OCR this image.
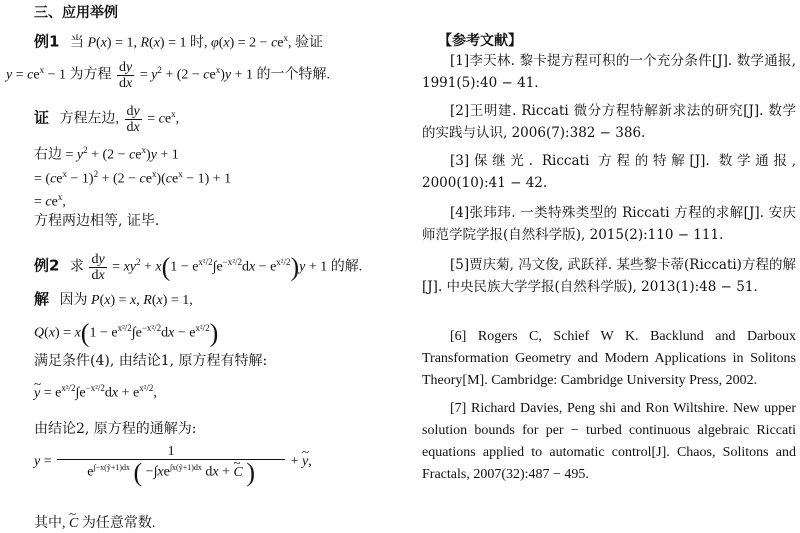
三、应用举例
例1   当 P(x) = 1, R(x) = 1 时, $\varphi(x) = 2 - ce^x$, 验证
$y = ce^x - 1$ 为方程 $\frac{dy}{dx} = y^2 + (2 - ce^x)y + 1$ 的一个特解.
证   方程左边, $\frac{dy}{dx} = ce^x$,
右边 = $y^2 + (2 - ce^x)y + 1$
= $(ce^x - 1)^2 + (2 - ce^x)(ce^x - 1) + 1$
= $ce^x$,
方程两边相等, 证毕.
例2   求 $\frac{dy}{dx} = xy^2 + x(1 - e^{x^2/2}\int e^{-x^2/2}dx - e^{x^2/2})y + 1$ 的解.
解   因为 P(x) = x, R(x) = 1,
$Q(x) = x(1 - e^{x^2/2}\int e^{-x^2/2}dx - e^{x^2/2})$
满足条件(4), 由结论1, 原方程有特解:
~ $y = e^{x^2/2}\int e^{-x^2/2}dx + e^{x^2/2}$,
由结论2, 原方程的通解为:
$y = \frac{1}{e^{\int-x(ỹ+1)dx} ( -\int xe^{\int x(ỹ+1)dx} dx + \sim C )}$ + ~ y,
其中, ~ C 为任意常数.
【参考文献】
[1]李天林. 黎卡提方程可积的一个充分条件[J]. 数学通报, 1991(5):40 − 41.
[2]王明建. Riccati 微分方程特解新求法的研究[J]. 数学的实践与认识, 2006(7):382 − 386.
[3]保继光. Riccati 方程的特解[J]. 数学通报, 2000(10):41 − 42.
[4]张玮玮. 一类特殊类型的 Riccati 方程的求解[J]. 安庆师范学院学报(自然科学版), 2015(2):110 − 111.
[5]贾庆菊, 冯文俊, 武跃祥. 某些黎卡蒂(Riccati)方程的解[J]. 中央民族大学学报(自然科学版), 2013(1):48 − 51.
[6] Rogers C, Schief W K. Backlund and Darboux Transformation Geometry and Modern Applications in Solitons Theory[M]. Cambridge: Cambridge University Press, 2002.
[7] Richard Davies, Peng shi and Ron Wiltshire. New upper solution bounds for per − turbed continuous algebraic Riccati equations applied to automatic control[J]. Chaos, Solitons and Fractals, 2007(32):487 − 495.
